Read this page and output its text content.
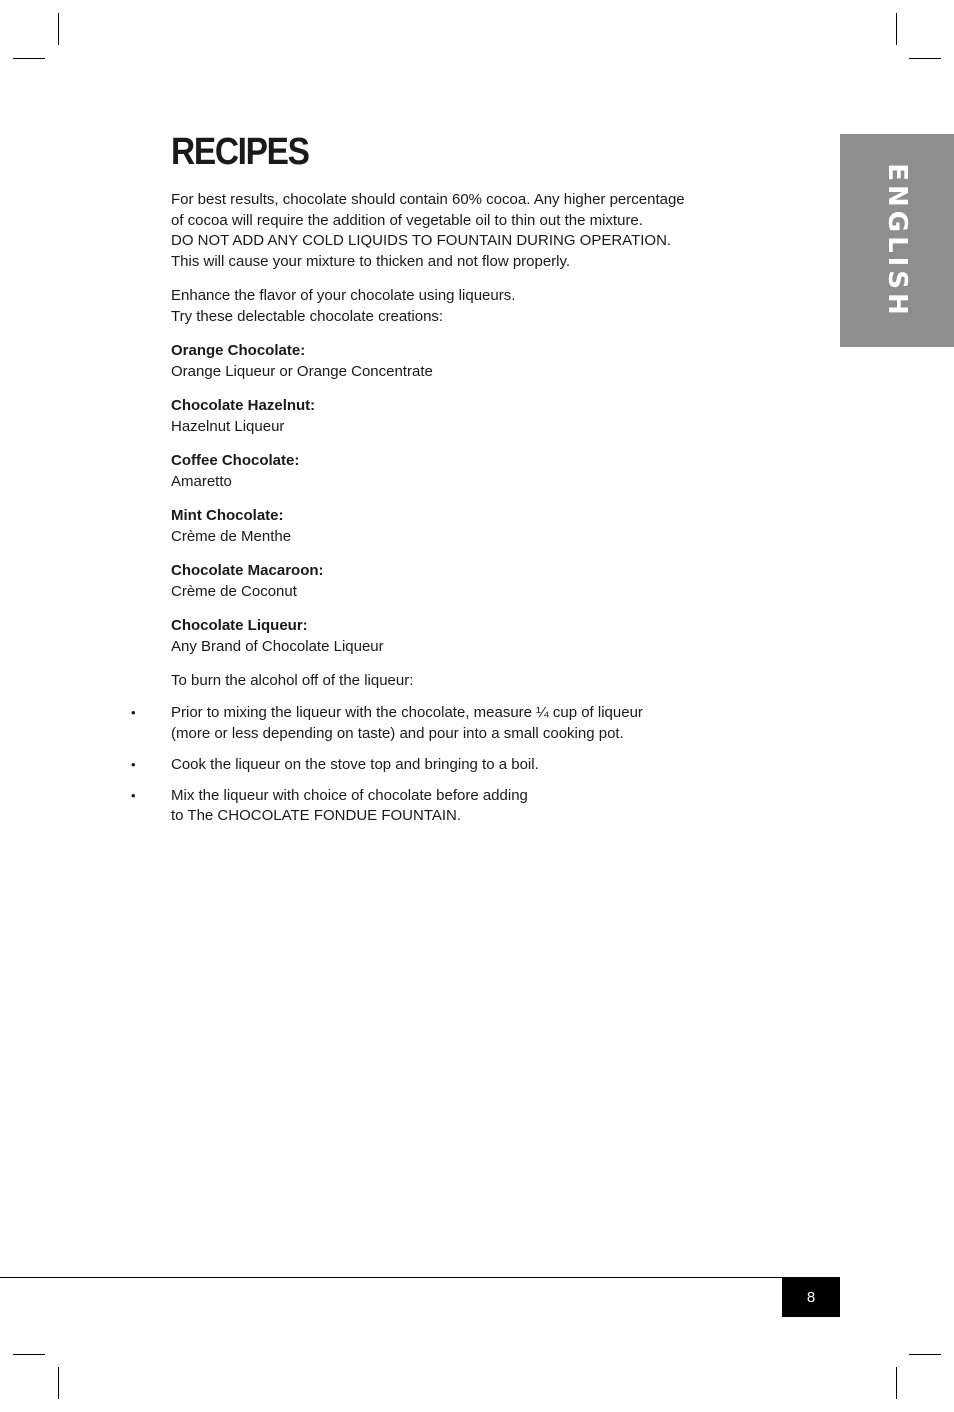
ENGLISH
RECIPES

For best results, chocolate should contain 60% cocoa. Any higher percentage
of cocoa will require the addition of vegetable oil to thin out the mixture.
DO NOT ADD ANY COLD LIQUIDS TO FOUNTAIN DURING OPERATION.
This will cause your mixture to thicken and not flow properly.

Enhance the flavor of your chocolate using liqueurs.
Try these delectable chocolate creations:

Orange Chocolate:
Orange Liqueur or Orange Concentrate
Chocolate Hazelnut:
Hazelnut Liqueur
Coffee Chocolate:
Amaretto
Mint Chocolate:
Crème de Menthe
Chocolate Macaroon:
Crème de Coconut
Chocolate Liqueur:
Any Brand of Chocolate Liqueur

To burn the alcohol off of the liqueur:

• Prior to mixing the liqueur with the chocolate, measure ¼ cup of liqueur
(more or less depending on taste) and pour into a small cooking pot.
• Cook the liqueur on the stove top and bringing to a boil.
• Mix the liqueur with choice of chocolate before adding
to The CHOCOLATE FONDUE FOUNTAIN.
8
